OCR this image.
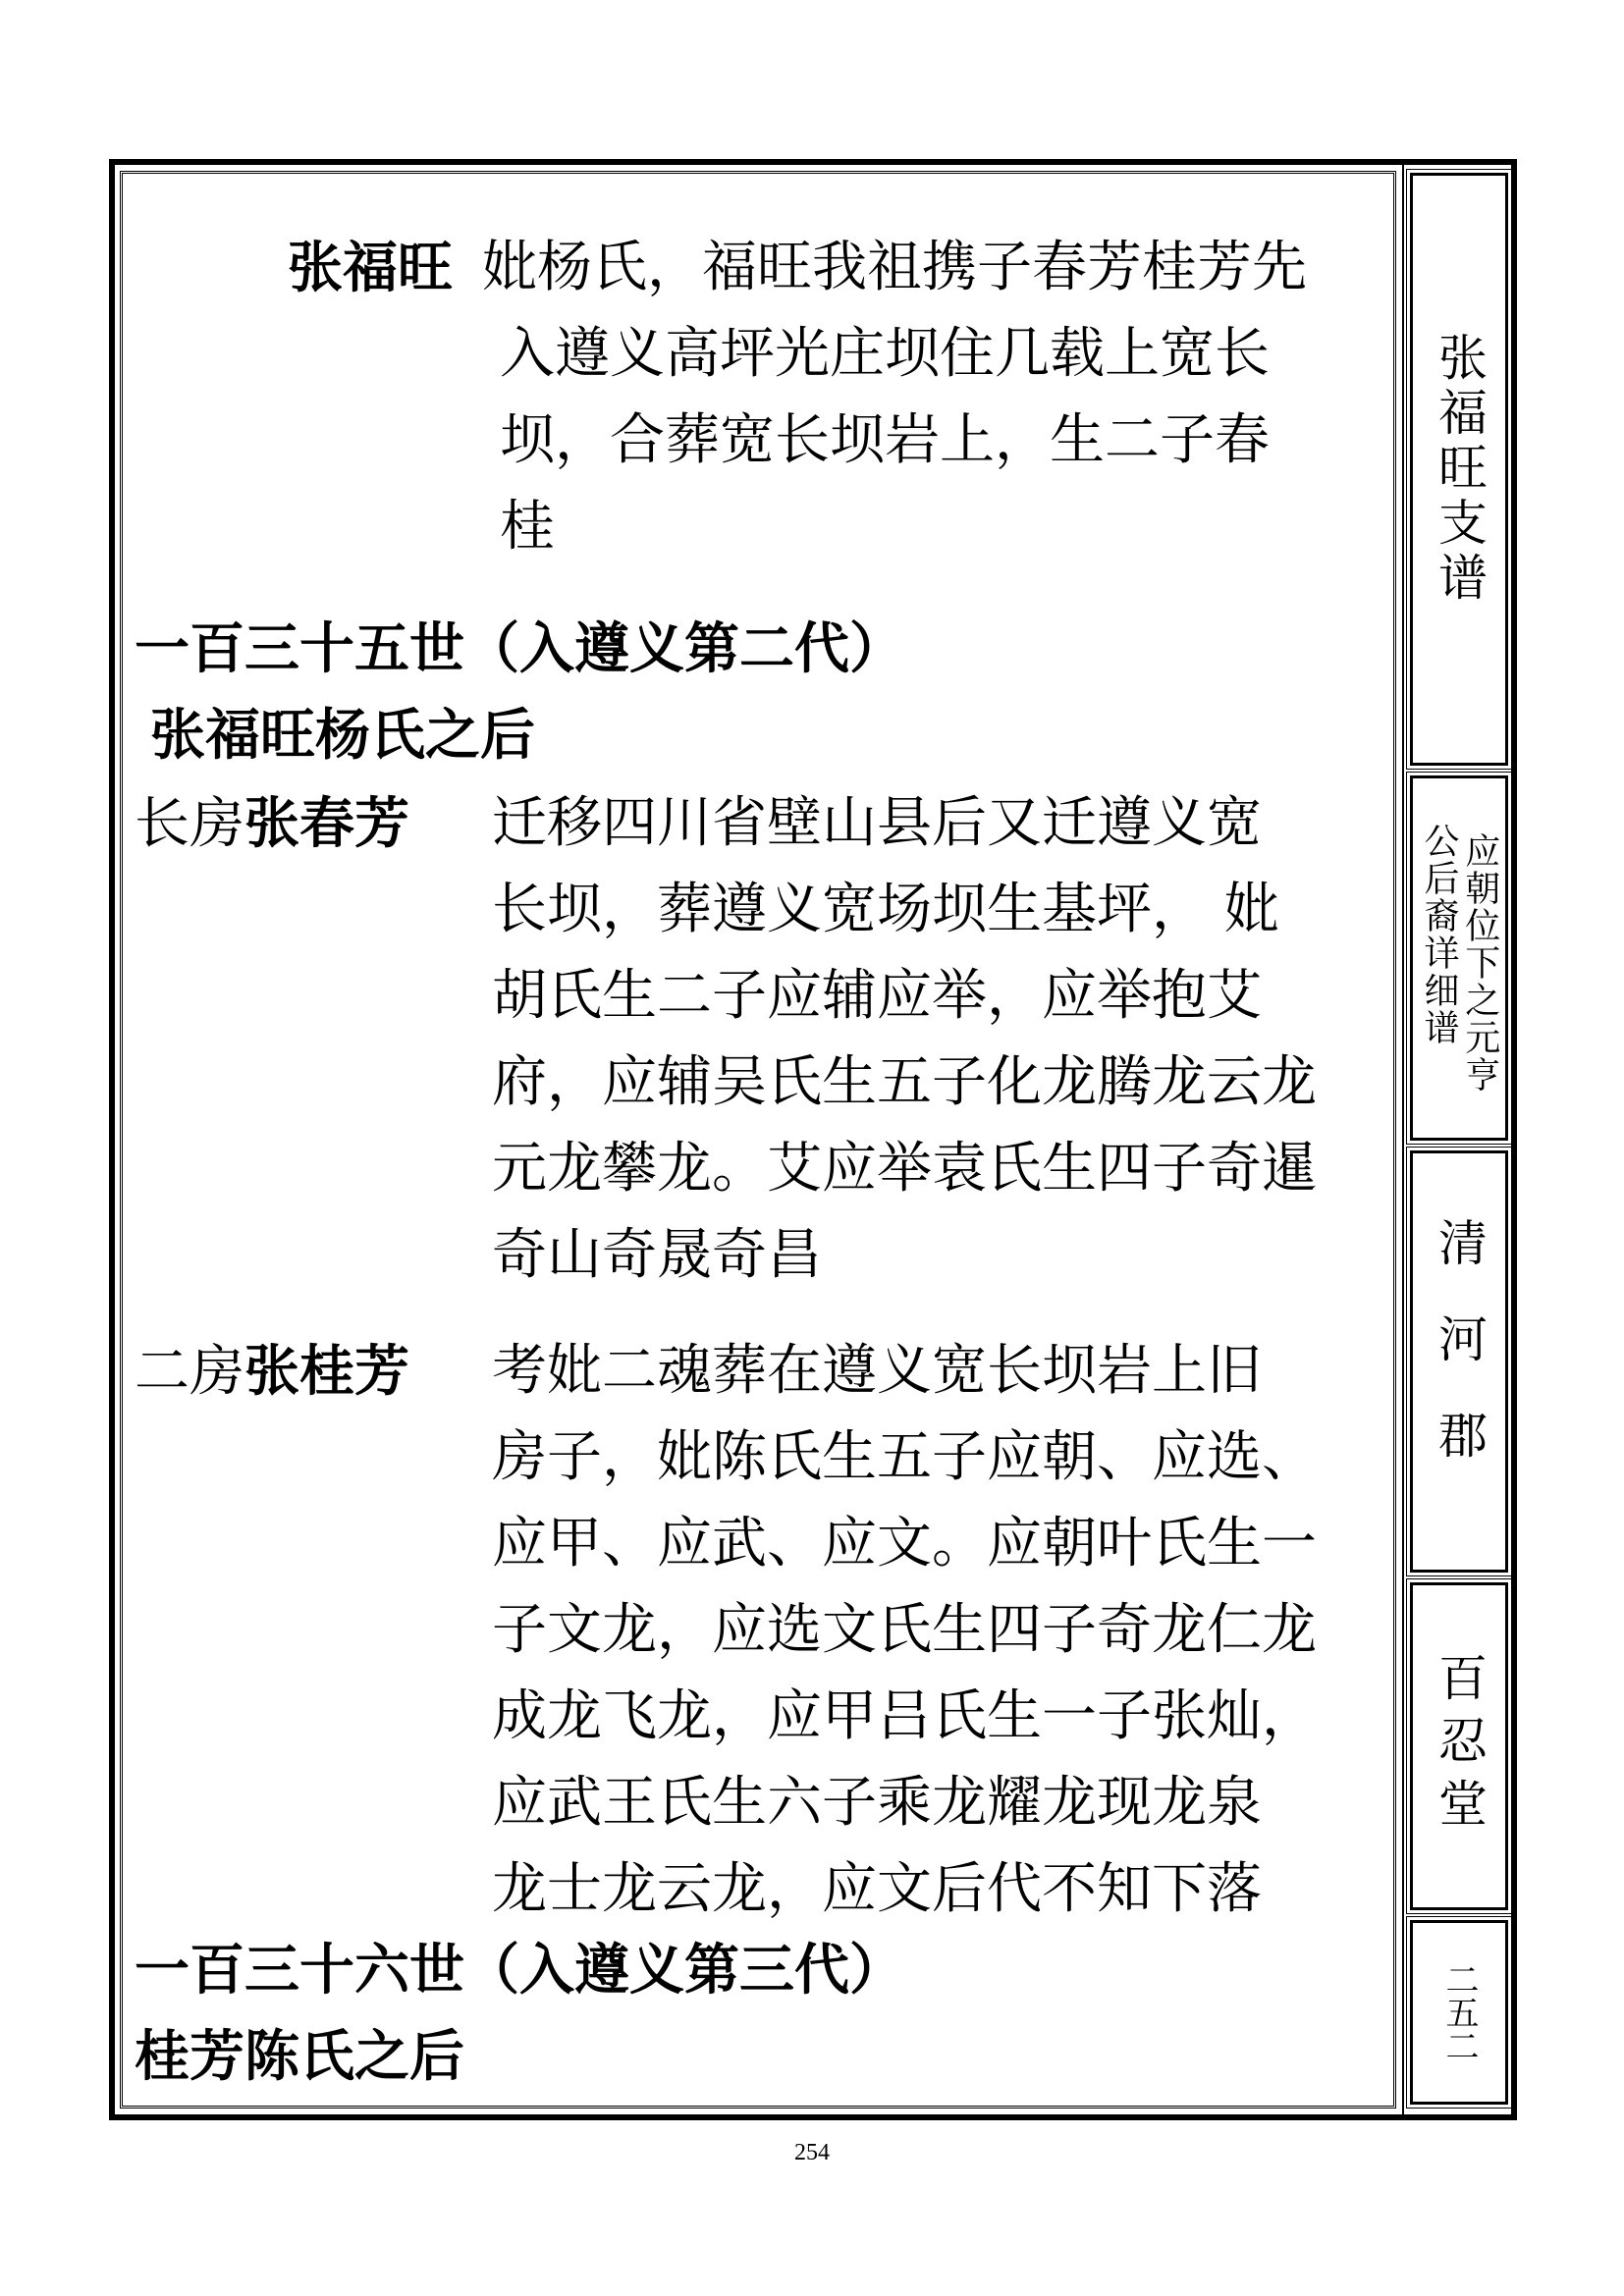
张福旺 妣杨氏，福旺我祖携子春芳桂芳先
入遵义高坪光庄坝住几载上宽长
坝，合葬宽长坝岩上，生二子春
桂
一百三十五世（入遵义第二代）
张福旺杨氏之后
长房张春芳 迁移四川省壁山县后又迁遵义宽
长坝，葬遵义宽场坝生基坪， 妣
胡氏生二子应辅应举，应举抱艾
府，应辅吴氏生五子化龙腾龙云龙
元龙攀龙。艾应举袁氏生四子奇暹
奇山奇晟奇昌
二房张桂芳 考妣二魂葬在遵义宽长坝岩上旧
房子，妣陈氏生五子应朝、应选、
应甲、应武、应文。应朝叶氏生一
子文龙，应选文氏生四子奇龙仁龙
成龙飞龙，应甲吕氏生一子张灿，
应武王氏生六子乘龙耀龙现龙泉
龙士龙云龙，应文后代不知下落
一百三十六世（入遵义第三代）
桂芳陈氏之后
张福旺支谱
应朝位下之元亨
公后裔详细谱
清河郡
百忍堂
二五二
254
